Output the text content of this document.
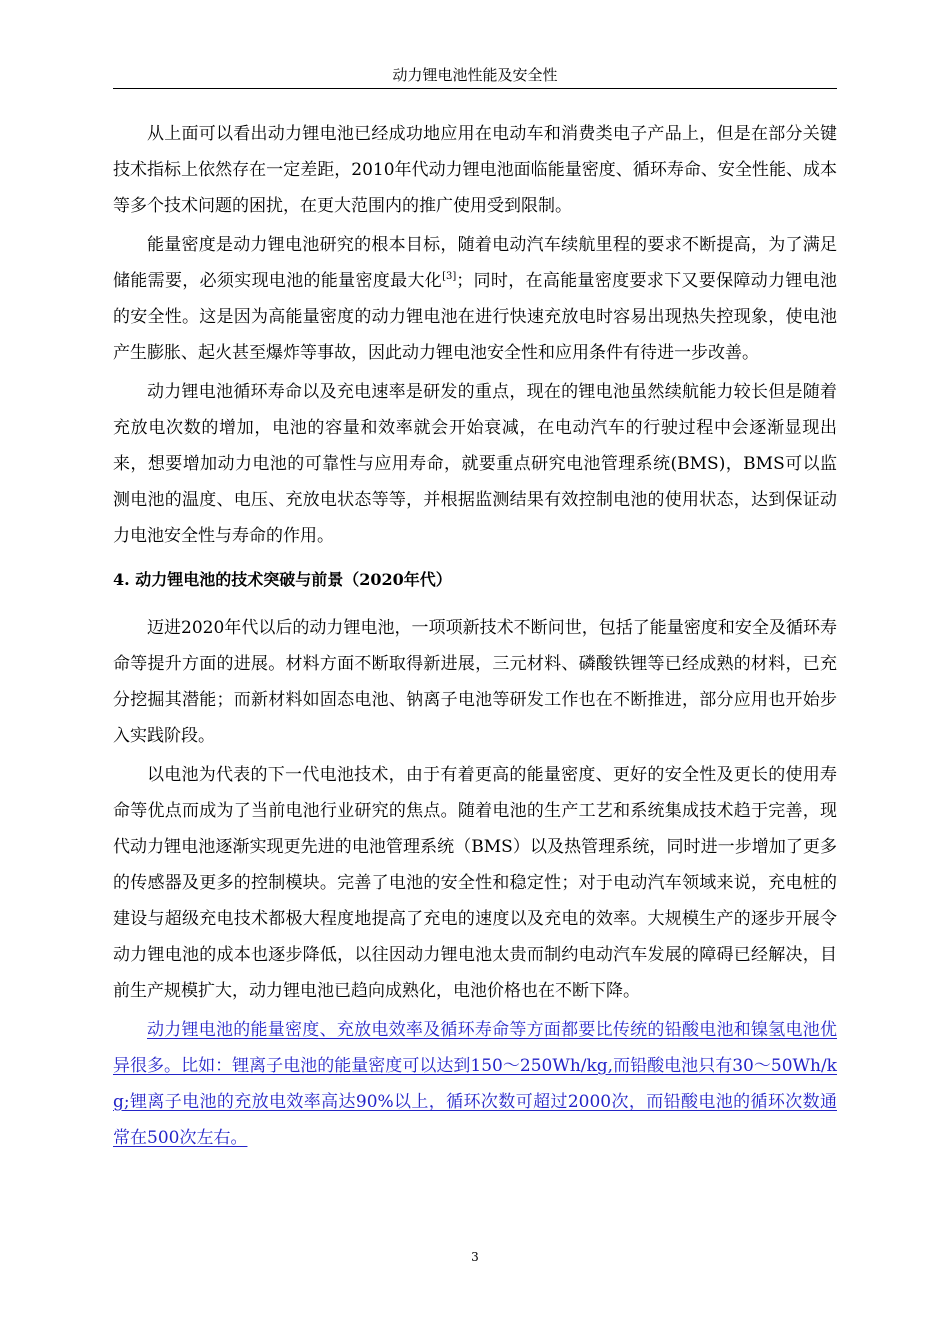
动力锂电池性能及安全性

从上面可以看出动力锂电池已经成功地应用在电动车和消费类电子产品上，但是在部分关键技术指标上依然存在一定差距，2010年代动力锂电池面临能量密度、循环寿命、安全性能、成本等多个技术问题的困扰，在更大范围内的推广使用受到限制。

能量密度是动力锂电池研究的根本目标，随着电动汽车续航里程的要求不断提高，为了满足储能需要，必须实现电池的能量密度最大化[3]；同时，在高能量密度要求下又要保障动力锂电池的安全性。这是因为高能量密度的动力锂电池在进行快速充放电时容易出现热失控现象，使电池产生膨胀、起火甚至爆炸等事故，因此动力锂电池安全性和应用条件有待进一步改善。

动力锂电池循环寿命以及充电速率是研发的重点，现在的锂电池虽然续航能力较长但是随着充放电次数的增加，电池的容量和效率就会开始衰减，在电动汽车的行驶过程中会逐渐显现出来，想要增加动力电池的可靠性与应用寿命，就要重点研究电池管理系统(BMS)，BMS可以监测电池的温度、电压、充放电状态等等，并根据监测结果有效控制电池的使用状态，达到保证动力电池安全性与寿命的作用。

4. 动力锂电池的技术突破与前景（2020年代）

迈进2020年代以后的动力锂电池，一项项新技术不断问世，包括了能量密度和安全及循环寿命等提升方面的进展。材料方面不断取得新进展，三元材料、磷酸铁锂等已经成熟的材料，已充分挖掘其潜能；而新材料如固态电池、钠离子电池等研发工作也在不断推进，部分应用也开始步入实践阶段。

以电池为代表的下一代电池技术，由于有着更高的能量密度、更好的安全性及更长的使用寿命等优点而成为了当前电池行业研究的焦点。随着电池的生产工艺和系统集成技术趋于完善，现代动力锂电池逐渐实现更先进的电池管理系统（BMS）以及热管理系统，同时进一步增加了更多的传感器及更多的控制模块。完善了电池的安全性和稳定性；对于电动汽车领域来说，充电桩的建设与超级充电技术都极大程度地提高了充电的速度以及充电的效率。大规模生产的逐步开展令动力锂电池的成本也逐步降低，以往因动力锂电池太贵而制约电动汽车发展的障碍已经解决，目前生产规模扩大，动力锂电池已趋向成熟化，电池价格也在不断下降。

动力锂电池的能量密度、充放电效率及循环寿命等方面都要比传统的铅酸电池和镍氢电池优异很多。比如：锂离子电池的能量密度可以达到150～250Wh/kg,而铅酸电池只有30～50Wh/kg;锂离子电池的充放电效率高达90%以上，循环次数可超过2000次，而铅酸电池的循环次数通常在500次左右。

3
